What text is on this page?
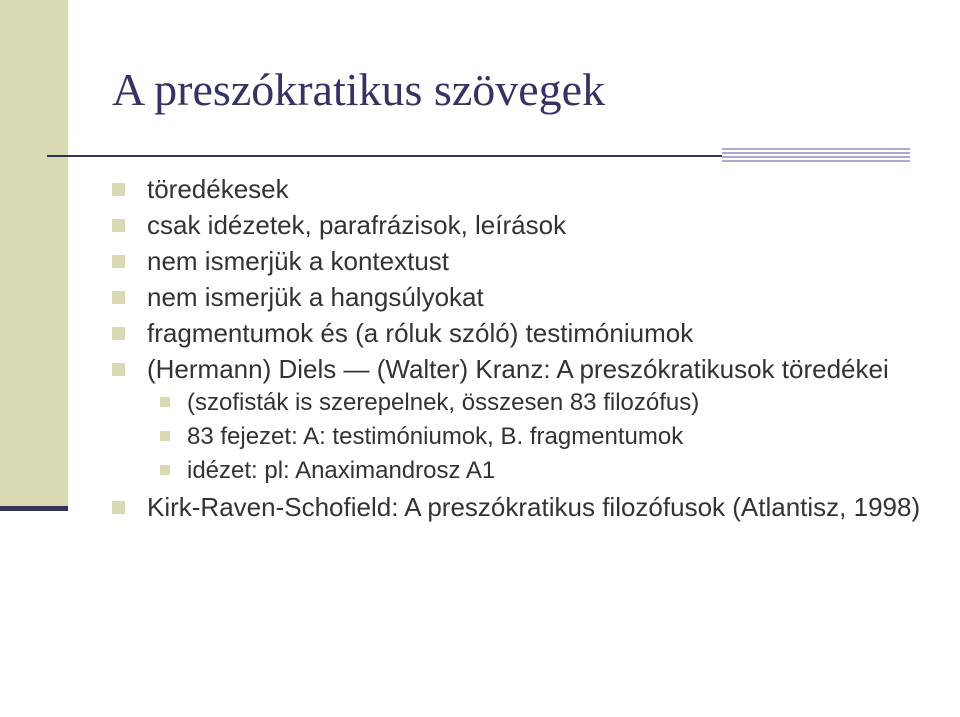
A preszókratikus szövegek
töredékesek
csak idézetek, parafrázisok, leírások
nem ismerjük a kontextust
nem ismerjük a hangsúlyokat
fragmentumok és (a róluk szóló) testimóniumok
(Hermann) Diels — (Walter) Kranz: A preszókratikusok töredékei
(szofisták is szerepelnek, összesen 83 filozófus)
83 fejezet: A: testimóniumok, B. fragmentumok
idézet: pl: Anaximandrosz A1
Kirk-Raven-Schofield: A preszókratikus filozófusok (Atlantisz, 1998)
